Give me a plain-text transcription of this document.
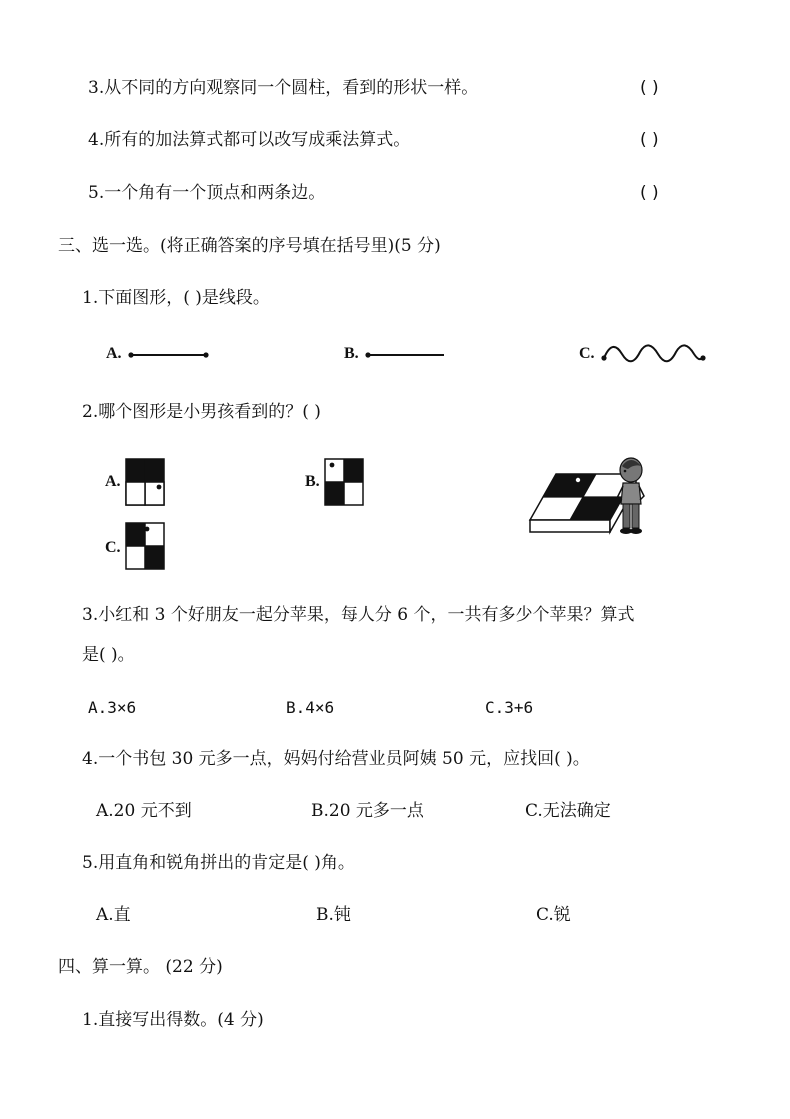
3.从不同的方向观察同一个圆柱，看到的形状一样。	( )
4.所有的加法算式都可以改写成乘法算式。	( )
5.一个角有一个顶点和两条边。	( )
三、选一选。(将正确答案的序号填在括号里)(5 分)
1.下面图形，( )是线段。
A.	B.	C.
2.哪个图形是小男孩看到的？( )
A.	B.
C.
3.小红和 3 个好朋友一起分苹果，每人分 6 个，一共有多少个苹果？算式
是( )。
A.3×6	B.4×6	C.3+6
4.一个书包 30 元多一点，妈妈付给营业员阿姨 50 元，应找回( )。
A.20 元不到	B.20 元多一点	C.无法确定
5.用直角和锐角拼出的肯定是( )角。
A.直	B.钝	C.锐
四、算一算。 (22 分)
1.直接写出得数。(4 分)
